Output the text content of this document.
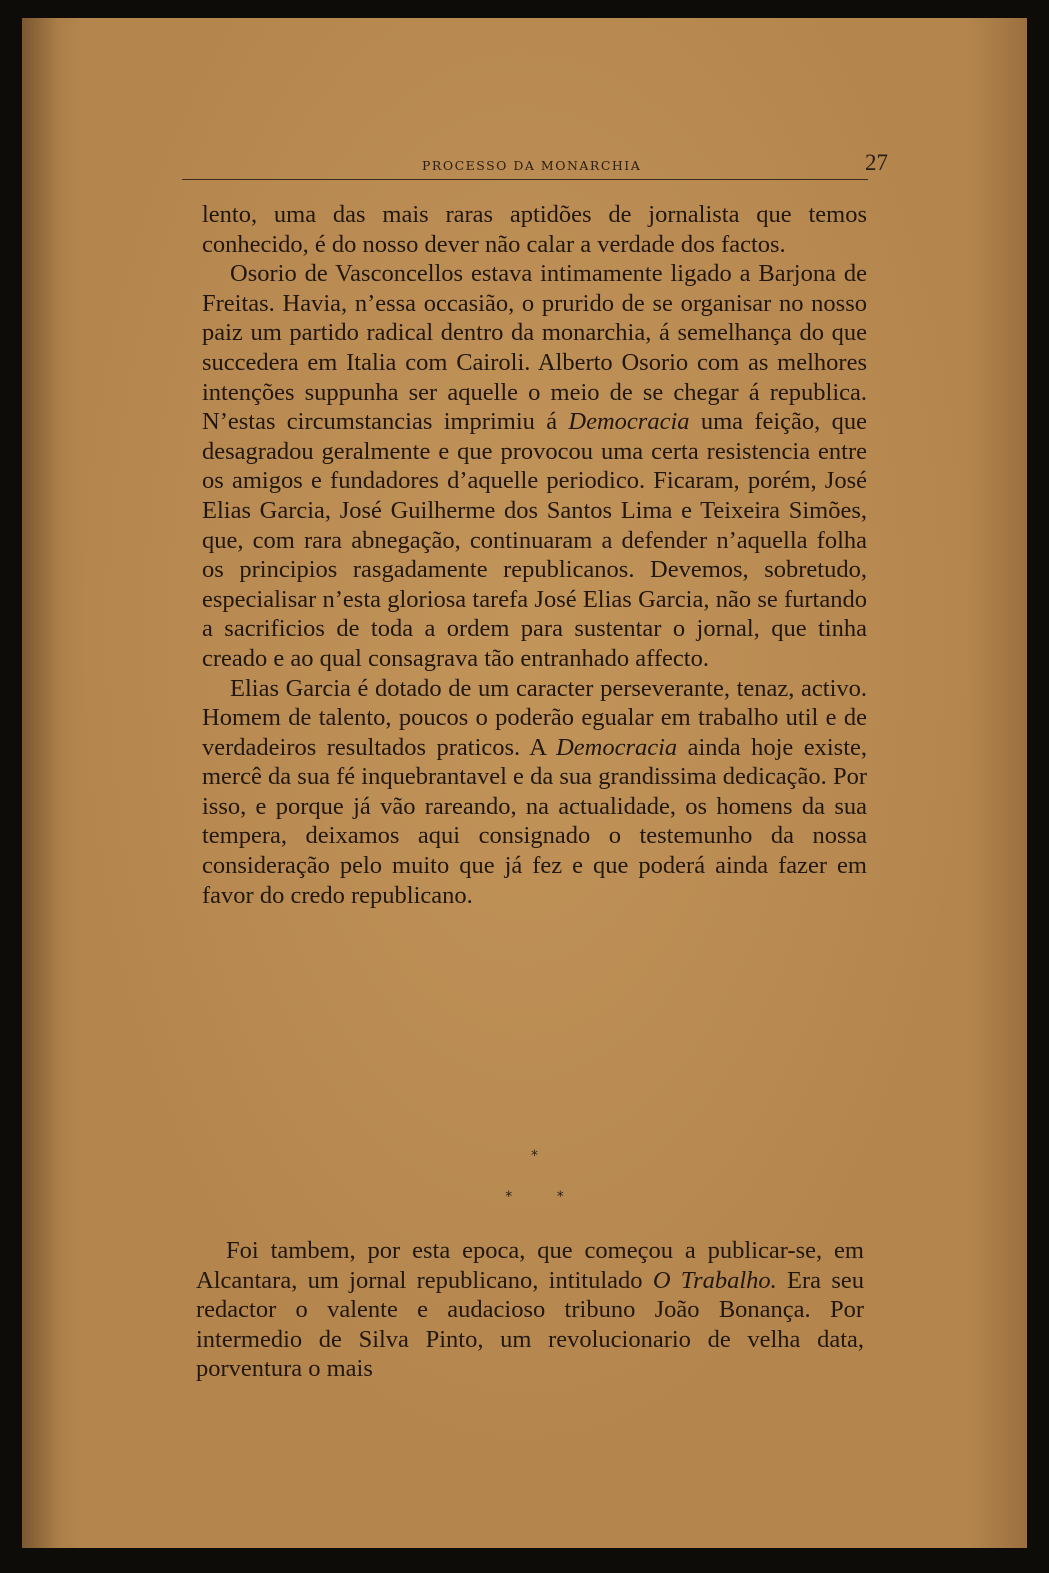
PROCESSO DA MONARCHIA	27

lento, uma das mais raras aptidões de jornalista que temos conhecido, é do nosso dever não calar a verdade dos factos.

Osorio de Vasconcellos estava intimamente ligado a Barjona de Freitas. Havia, n’essa occasião, o prurido de se organisar no nosso paiz um partido radical dentro da monarchia, á semelhança do que succedera em Italia com Cairoli. Alberto Osorio com as melhores intenções suppunha ser aquelle o meio de se chegar á republica. N’estas circumstancias imprimiu á Democracia uma feição, que desagradou geralmente e que provocou uma certa resistencia entre os amigos e fundadores d’aquelle periodico. Ficaram, porém, José Elias Garcia, José Guilherme dos Santos Lima e Teixeira Simões, que, com rara abnegação, continuaram a defender n’aquella folha os principios rasgadamente republicanos. Devemos, sobretudo, especialisar n’esta gloriosa tarefa José Elias Garcia, não se furtando a sacrificios de toda a ordem para sustentar o jornal, que tinha creado e ao qual consagrava tão entranhado affecto.

Elias Garcia é dotado de um caracter perseverante, tenaz, activo. Homem de talento, poucos o poderão egualar em trabalho util e de verdadeiros resultados praticos. A Democracia ainda hoje existe, mercê da sua fé inquebrantavel e da sua grandissima dedicação. Por isso, e porque já vão rareando, na actualidade, os homens da sua tempera, deixamos aqui consignado o testemunho da nossa consideração pelo muito que já fez e que poderá ainda fazer em favor do credo republicano.

*
* *

Foi tambem, por esta epoca, que começou a publicar-se, em Alcantara, um jornal republicano, intitulado O Trabalho. Era seu redactor o valente e audacioso tribuno João Bonança. Por intermedio de Silva Pinto, um revolucionario de velha data, porventura o mais
